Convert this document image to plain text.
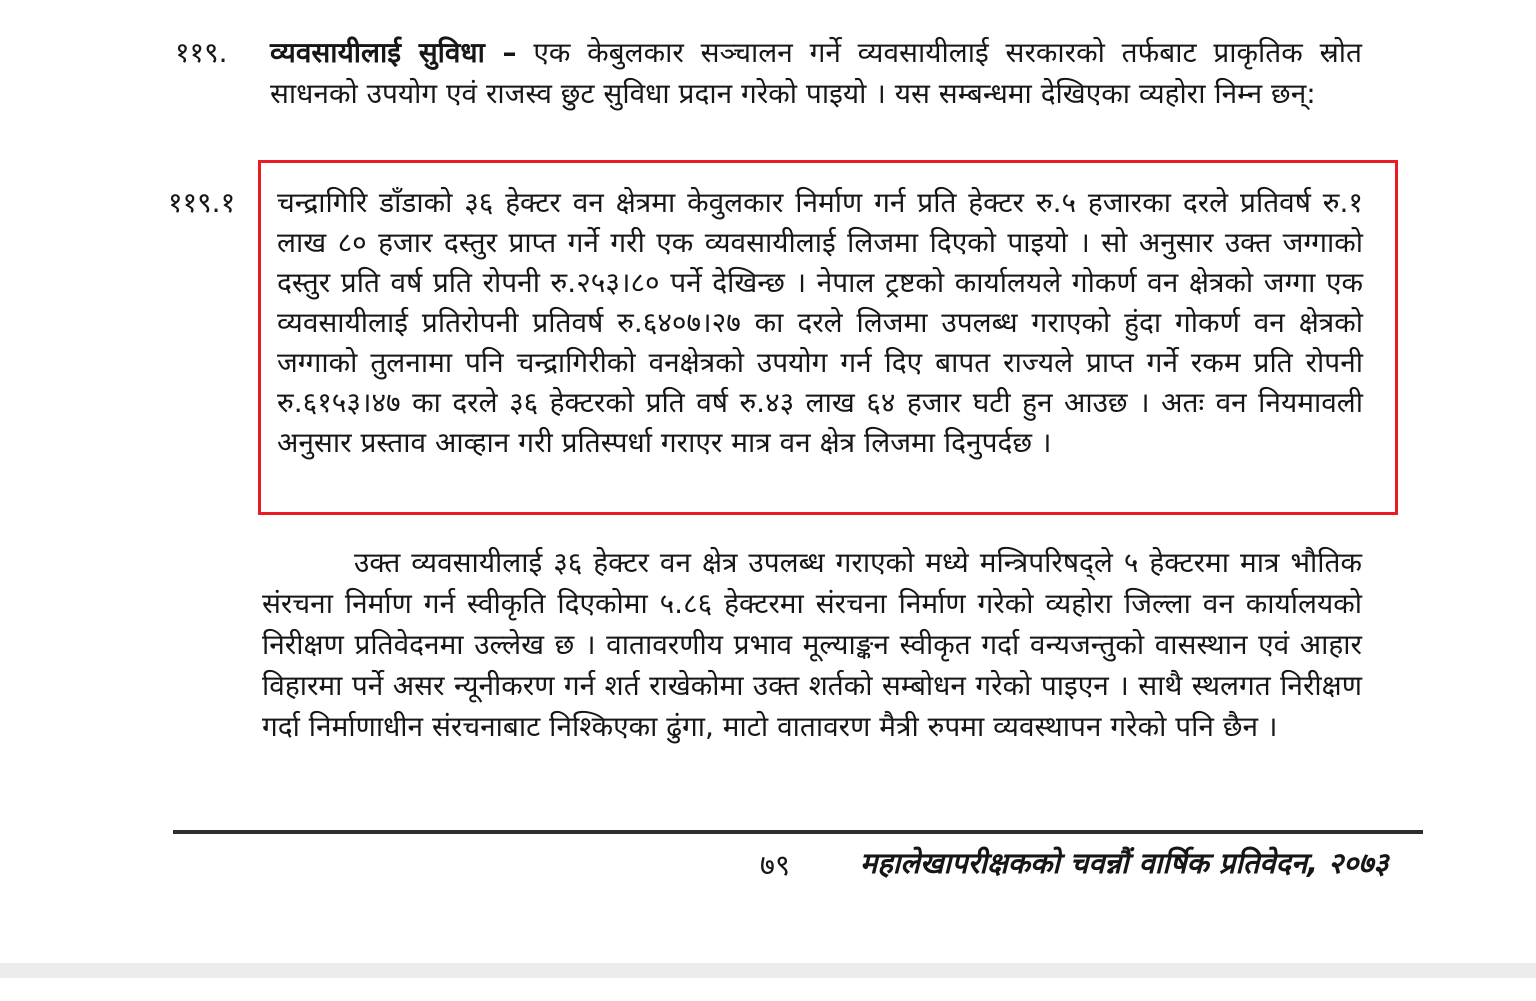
११९. व्यवसायीलाई सुविधा – एक केबुलकार सञ्चालन गर्ने व्यवसायीलाई सरकारको तर्फबाट प्राकृतिक स्रोत साधनको उपयोग एवं राजस्व छुट सुविधा प्रदान गरेको पाइयो । यस सम्बन्धमा देखिएका व्यहोरा निम्न छन्:
११९.१ चन्द्रागिरि डाँडाको ३६ हेक्टर वन क्षेत्रमा केवुलकार निर्माण गर्न प्रति हेक्टर रु.५ हजारका दरले प्रतिवर्ष रु.१ लाख ८० हजार दस्तुर प्राप्त गर्ने गरी एक व्यवसायीलाई लिजमा दिएको पाइयो । सो अनुसार उक्त जग्गाको दस्तुर प्रति वर्ष प्रति रोपनी रु.२५३।८० पर्ने देखिन्छ । नेपाल ट्रष्टको कार्यालयले गोकर्ण वन क्षेत्रको जग्गा एक व्यवसायीलाई प्रतिरोपनी प्रतिवर्ष रु.६४०७।२७ का दरले लिजमा उपलब्ध गराएको हुंदा गोकर्ण वन क्षेत्रको जग्गाको तुलनामा पनि चन्द्रागिरीको वनक्षेत्रको उपयोग गर्न दिए बापत राज्यले प्राप्त गर्ने रकम प्रति रोपनी रु.६१५३।४७ का दरले ३६ हेक्टरको प्रति वर्ष रु.४३ लाख ६४ हजार घटी हुन आउछ । अतः वन नियमावली अनुसार प्रस्ताव आव्हान गरी प्रतिस्पर्धा गराएर मात्र वन क्षेत्र लिजमा दिनुपर्दछ ।
उक्त व्यवसायीलाई ३६ हेक्टर वन क्षेत्र उपलब्ध गराएको मध्ये मन्त्रिपरिषद्ले ५ हेक्टरमा मात्र भौतिक संरचना निर्माण गर्न स्वीकृति दिएकोमा ५.८६ हेक्टरमा संरचना निर्माण गरेको व्यहोरा जिल्ला वन कार्यालयको निरीक्षण प्रतिवेदनमा उल्लेख छ । वातावरणीय प्रभाव मूल्याङ्कन स्वीकृत गर्दा वन्यजन्तुको वासस्थान एवं आहार विहारमा पर्ने असर न्यूनीकरण गर्न शर्त राखेकोमा उक्त शर्तको सम्बोधन गरेको पाइएन । साथै स्थलगत निरीक्षण गर्दा निर्माणाधीन संरचनाबाट निश्किएका ढुंगा, माटो वातावरण मैत्री रुपमा व्यवस्थापन गरेको पनि छैन ।
७९	महालेखापरीक्षकको चवन्नौं वार्षिक प्रतिवेदन, २०७३
